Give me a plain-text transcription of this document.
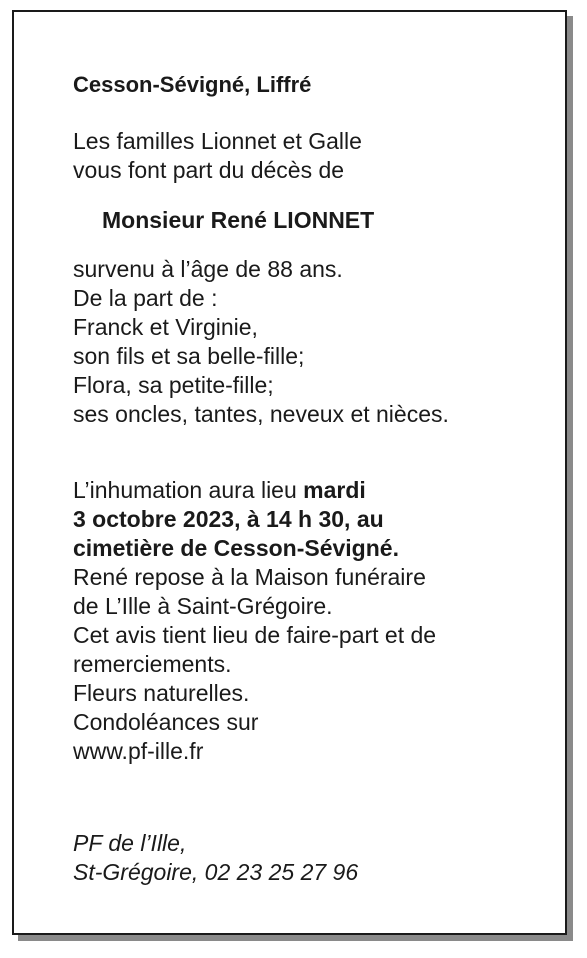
Cesson-Sévigné, Liffré
Les familles Lionnet et Galle
vous font part du décès de
Monsieur René LIONNET
survenu à l’âge de 88 ans.
De la part de :
Franck et Virginie,
son fils et sa belle-fille;
Flora, sa petite-fille;
ses oncles, tantes, neveux et nièces.
L’inhumation aura lieu mardi
3 octobre 2023, à 14 h 30, au
cimetière de Cesson-Sévigné.
René repose à la Maison funéraire
de L’Ille à Saint-Grégoire.
Cet avis tient lieu de faire-part et de
remerciements.
Fleurs naturelles.
Condoléances sur
www.pf-ille.fr
PF de l’Ille,
St-Grégoire, 02 23 25 27 96
